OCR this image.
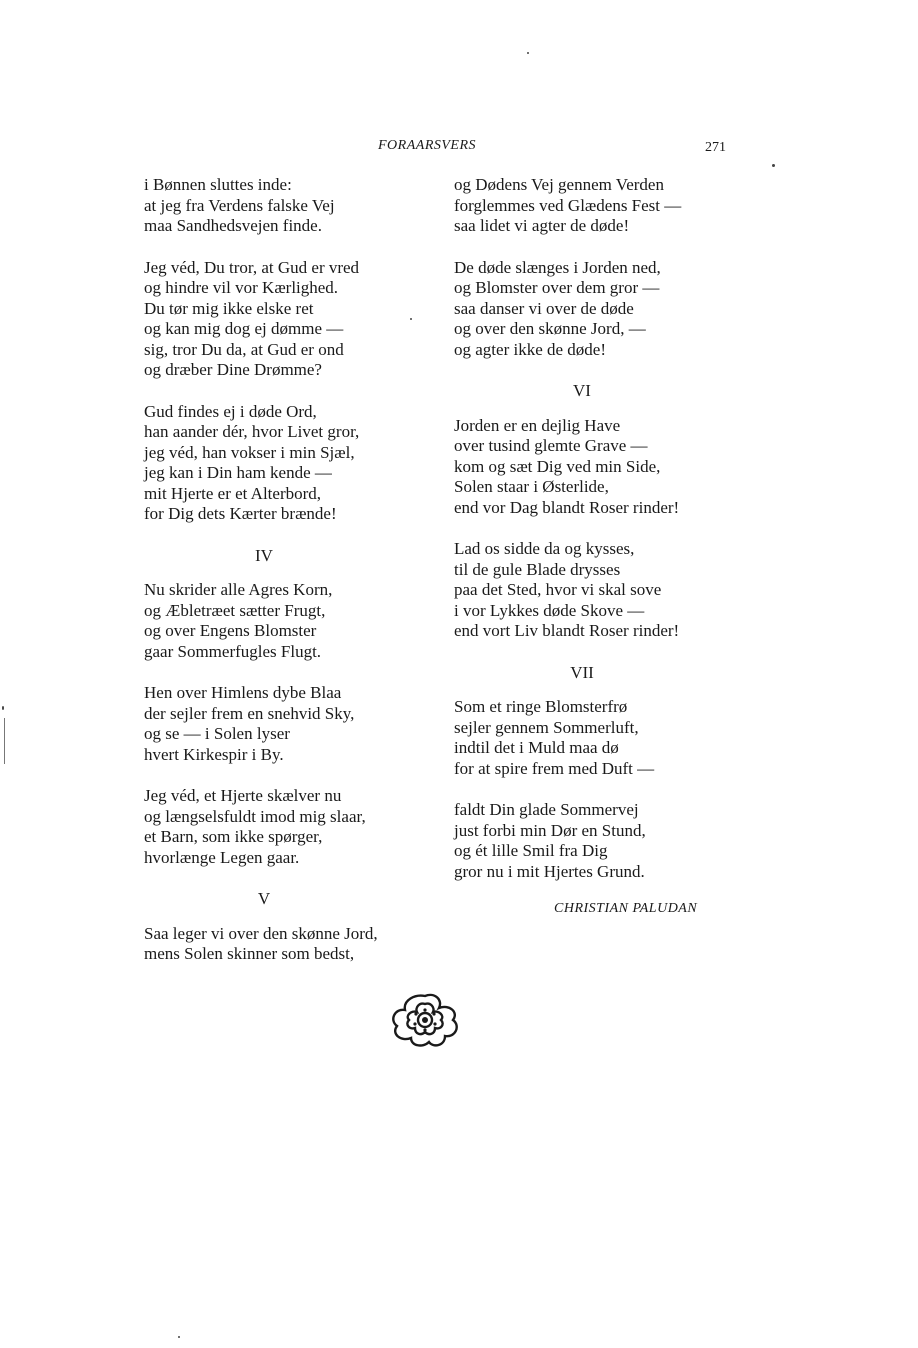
FORAARSVERS	271
i Bønnen sluttes inde:
at jeg fra Verdens falske Vej
maa Sandhedsvejen finde.
Jeg véd, Du tror, at Gud er vred
og hindre vil vor Kærlighed.
Du tør mig ikke elske ret
og kan mig dog ej dømme —
sig, tror Du da, at Gud er ond
og dræber Dine Drømme?
Gud findes ej i døde Ord,
han aander dér, hvor Livet gror,
jeg véd, han vokser i min Sjæl,
jeg kan i Din ham kende —
mit Hjerte er et Alterbord,
for Dig dets Kærter brænde!
IV
Nu skrider alle Agres Korn,
og Æbletræet sætter Frugt,
og over Engens Blomster
gaar Sommerfugles Flugt.
Hen over Himlens dybe Blaa
der sejler frem en snehvid Sky,
og se — i Solen lyser
hvert Kirkespir i By.
Jeg véd, et Hjerte skælver nu
og længselsfuldt imod mig slaar,
et Barn, som ikke spørger,
hvorlænge Legen gaar.
V
Saa leger vi over den skønne Jord,
mens Solen skinner som bedst,
og Dødens Vej gennem Verden
forglemmes ved Glædens Fest —
saa lidet vi agter de døde!
De døde slænges i Jorden ned,
og Blomster over dem gror —
saa danser vi over de døde
og over den skønne Jord, —
og agter ikke de døde!
VI
Jorden er en dejlig Have
over tusind glemte Grave —
kom og sæt Dig ved min Side,
Solen staar i Østerlide,
end vor Dag blandt Roser rinder!
Lad os sidde da og kysses,
til de gule Blade drysses
paa det Sted, hvor vi skal sove
i vor Lykkes døde Skove —
end vort Liv blandt Roser rinder!
VII
Som et ringe Blomsterfrø
sejler gennem Sommerluft,
indtil det i Muld maa dø
for at spire frem med Duft —
faldt Din glade Sommervej
just forbi min Dør en Stund,
og ét lille Smil fra Dig
gror nu i mit Hjertes Grund.
CHRISTIAN PALUDAN
